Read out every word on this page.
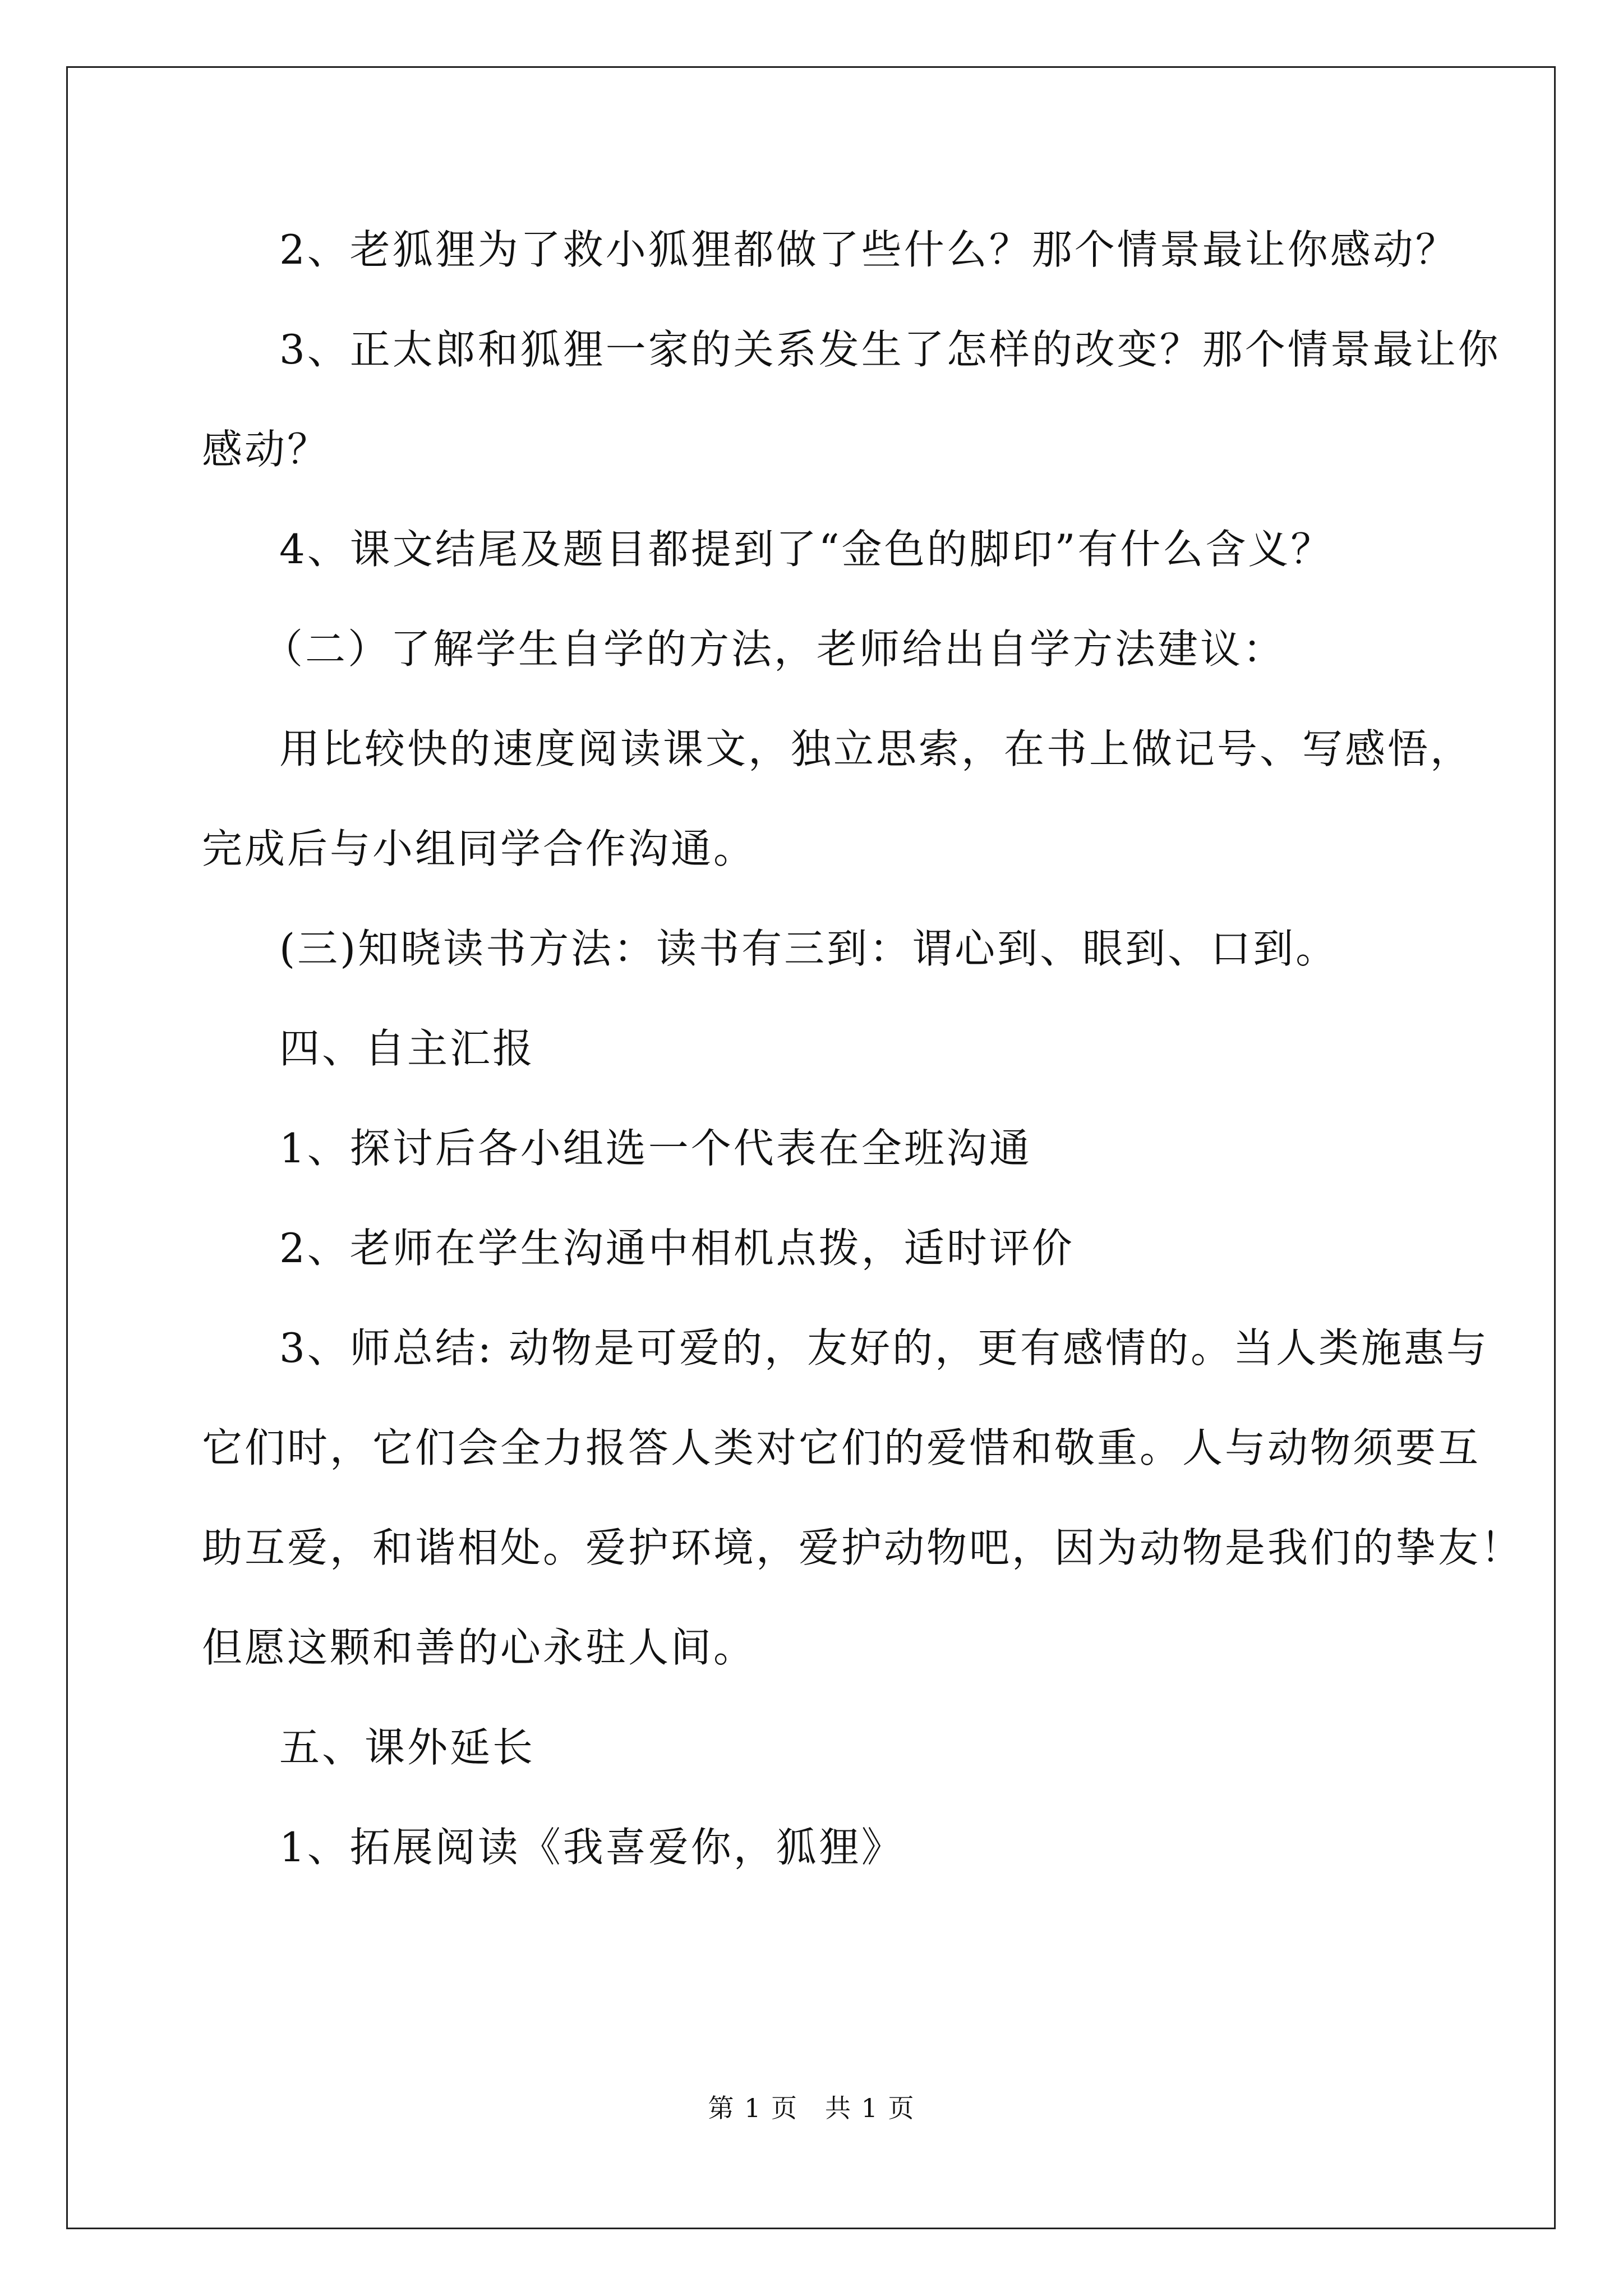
2、老狐狸为了救小狐狸都做了些什么？那个情景最让你感动？
3、正太郎和狐狸一家的关系发生了怎样的改变？那个情景最让你
感动？
4、课文结尾及题目都提到了“金色的脚印”有什么含义？
（二）了解学生自学的方法，老师给出自学方法建议：
用比较快的速度阅读课文，独立思索，在书上做记号、写感悟，
完成后与小组同学合作沟通。
(三)知晓读书方法：读书有三到：谓心到、眼到、口到。
四、自主汇报
1、探讨后各小组选一个代表在全班沟通
2、老师在学生沟通中相机点拨，适时评价
3、师总结: 动物是可爱的，友好的，更有感情的。当人类施惠与
它们时，它们会全力报答人类对它们的爱惜和敬重。人与动物须要互
助互爱，和谐相处。爱护环境，爱护动物吧，因为动物是我们的挚友！
但愿这颗和善的心永驻人间。
五、课外延长
1、拓展阅读《我喜爱你，狐狸》
第 1 页　共 1 页
